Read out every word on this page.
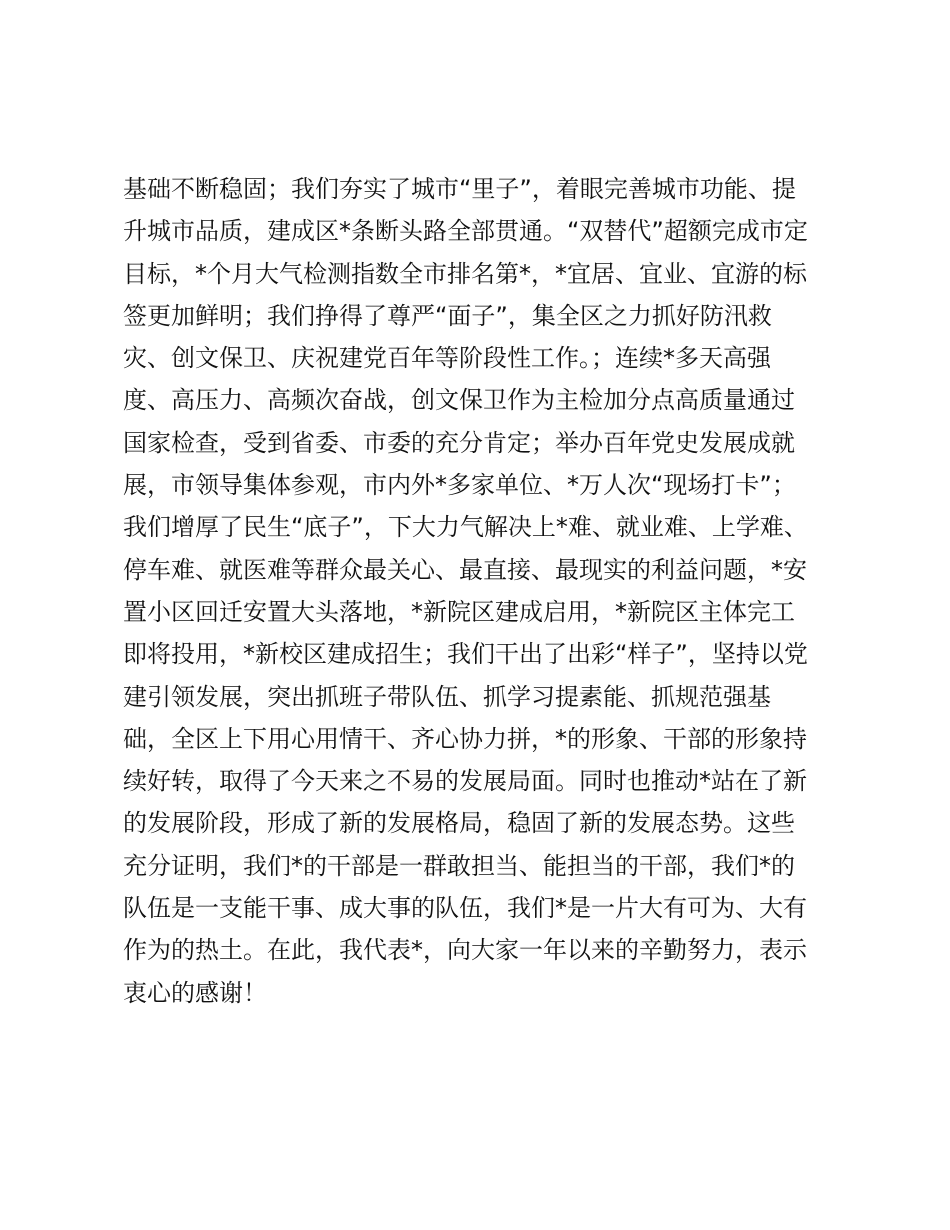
基础不断稳固；我们夯实了城市“里子”，着眼完善城市功能、提
升城市品质，建成区*条断头路全部贯通。“双替代”超额完成市定
目标，*个月大气检测指数全市排名第*，*宜居、宜业、宜游的标
签更加鲜明；我们挣得了尊严“面子”，集全区之力抓好防汛救
灾、创文保卫、庆祝建党百年等阶段性工作。；连续*多天高强
度、高压力、高频次奋战，创文保卫作为主检加分点高质量通过
国家检查，受到省委、市委的充分肯定；举办百年党史发展成就
展，市领导集体参观，市内外*多家单位、*万人次“现场打卡”；
我们增厚了民生“底子”，下大力气解决上*难、就业难、上学难、
停车难、就医难等群众最关心、最直接、最现实的利益问题，*安
置小区回迁安置大头落地，*新院区建成启用，*新院区主体完工
即将投用，*新校区建成招生；我们干出了出彩“样子”，坚持以党
建引领发展，突出抓班子带队伍、抓学习提素能、抓规范强基
础，全区上下用心用情干、齐心协力拼，*的形象、干部的形象持
续好转，取得了今天来之不易的发展局面。同时也推动*站在了新
的发展阶段，形成了新的发展格局，稳固了新的发展态势。这些
充分证明，我们*的干部是一群敢担当、能担当的干部，我们*的
队伍是一支能干事、成大事的队伍，我们*是一片大有可为、大有
作为的热土。在此，我代表*，向大家一年以来的辛勤努力，表示
衷心的感谢！
